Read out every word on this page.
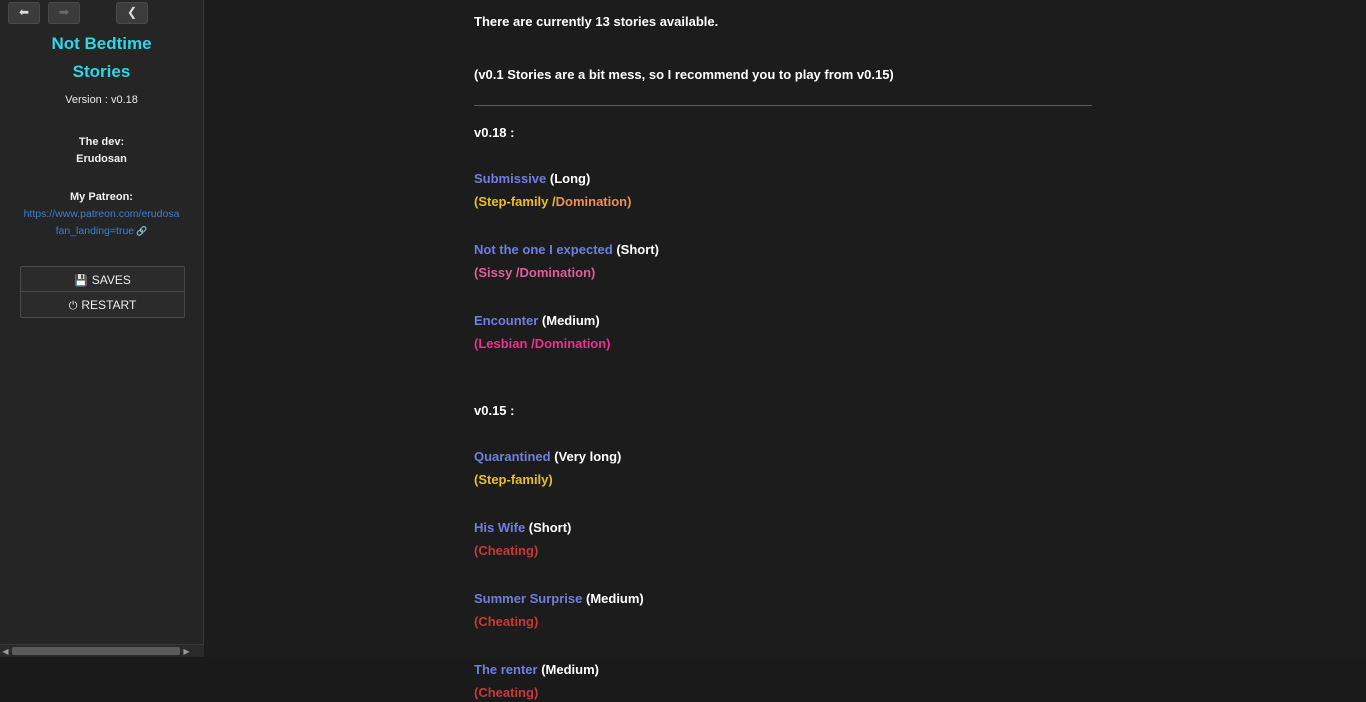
⬅	➡	❮
Not Bedtime
Stories
Version : v0.18
The dev:
Erudosan
My Patreon:
https://www.patreon.com/erudosa
fan_landing=true 🔗
💾 SAVES
⏻ RESTART
◀	▶
There are currently 13 stories available.
(v0.1 Stories are a bit mess, so I recommend you to play from v0.15)
v0.18 :
Submissive (Long)
(Step-family /Domination)
Not the one I expected (Short)
(Sissy /Domination)
Encounter (Medium)
(Lesbian /Domination)
v0.15 :
Quarantined (Very long)
(Step-family)
His Wife (Short)
(Cheating)
Summer Surprise (Medium)
(Cheating)
The renter (Medium)
(Cheating)
